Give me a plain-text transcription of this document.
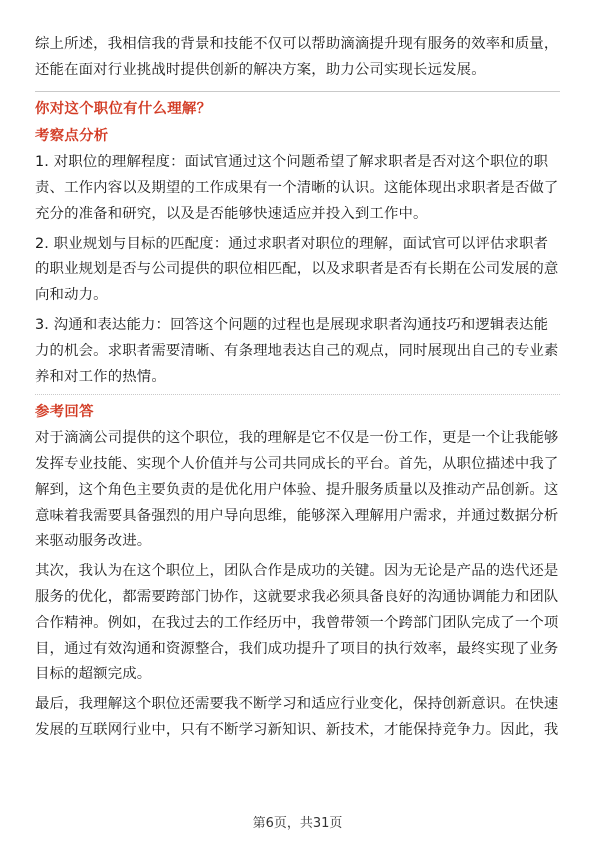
综上所述，我相信我的背景和技能不仅可以帮助滴滴提升现有服务的效率和质量，还能在面对行业挑战时提供创新的解决方案，助力公司实现长远发展。

你对这个职位有什么理解？

考察点分析

1. 对职位的理解程度：面试官通过这个问题希望了解求职者是否对这个职位的职责、工作内容以及期望的工作成果有一个清晰的认识。这能体现出求职者是否做了充分的准备和研究，以及是否能够快速适应并投入到工作中。

2. 职业规划与目标的匹配度：通过求职者对职位的理解，面试官可以评估求职者的职业规划是否与公司提供的职位相匹配，以及求职者是否有长期在公司发展的意向和动力。

3. 沟通和表达能力：回答这个问题的过程也是展现求职者沟通技巧和逻辑表达能力的机会。求职者需要清晰、有条理地表达自己的观点，同时展现出自己的专业素养和对工作的热情。

参考回答

对于滴滴公司提供的这个职位，我的理解是它不仅是一份工作，更是一个让我能够发挥专业技能、实现个人价值并与公司共同成长的平台。首先，从职位描述中我了解到，这个角色主要负责的是优化用户体验、提升服务质量以及推动产品创新。这意味着我需要具备强烈的用户导向思维，能够深入理解用户需求，并通过数据分析来驱动服务改进。

其次，我认为在这个职位上，团队合作是成功的关键。因为无论是产品的迭代还是服务的优化，都需要跨部门协作，这就要求我必须具备良好的沟通协调能力和团队合作精神。例如，在我过去的工作经历中，我曾带领一个跨部门团队完成了一个项目，通过有效沟通和资源整合，我们成功提升了项目的执行效率，最终实现了业务目标的超额完成。

最后，我理解这个职位还需要我不断学习和适应行业变化，保持创新意识。在快速发展的互联网行业中，只有不断学习新知识、新技术，才能保持竞争力。因此，我

第6页，共31页
